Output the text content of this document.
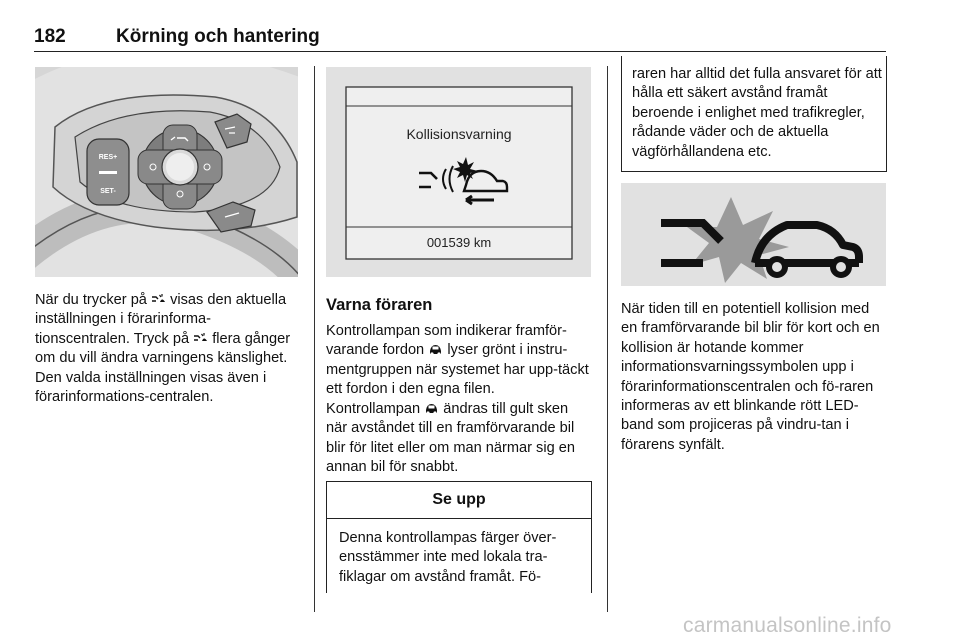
182	Körning och hantering
RES+
SET-

När du trycker på visas den aktuella inställningen i förarinforma-tionscentralen. Tryck på flera gånger om du vill ändra varningens känslighet. Den valda inställningen visas även i förarinformations-centralen.

Kollisionsvarning
001539 km
Varna föraren

Kontrollampan som indikerar framför-varande fordon lyser grönt i instru-mentgruppen när systemet har upp-täckt ett fordon i den egna filen.

Kontrollampan ändras till gult sken när avståndet till en framförvarande bil blir för litet eller om man närmar sig en annan bil för snabbt.

Se upp

Denna kontrollampas färger över-ensstämmer inte med lokala tra-fiklagar om avstånd framåt. Fö-

raren har alltid det fulla ansvaret för att hålla ett säkert avstånd framåt beroende i enlighet med trafikregler, rådande väder och de aktuella vägförhållandena etc.

När tiden till en potentiell kollision med en framförvarande bil blir för kort och en kollision är hotande kommer informationsvarningssymbolen upp i förarinformationscentralen och fö-raren informeras av ett blinkande rött LED-band som projiceras på vindru-tan i förarens synfält.

carmanualsonline.info
